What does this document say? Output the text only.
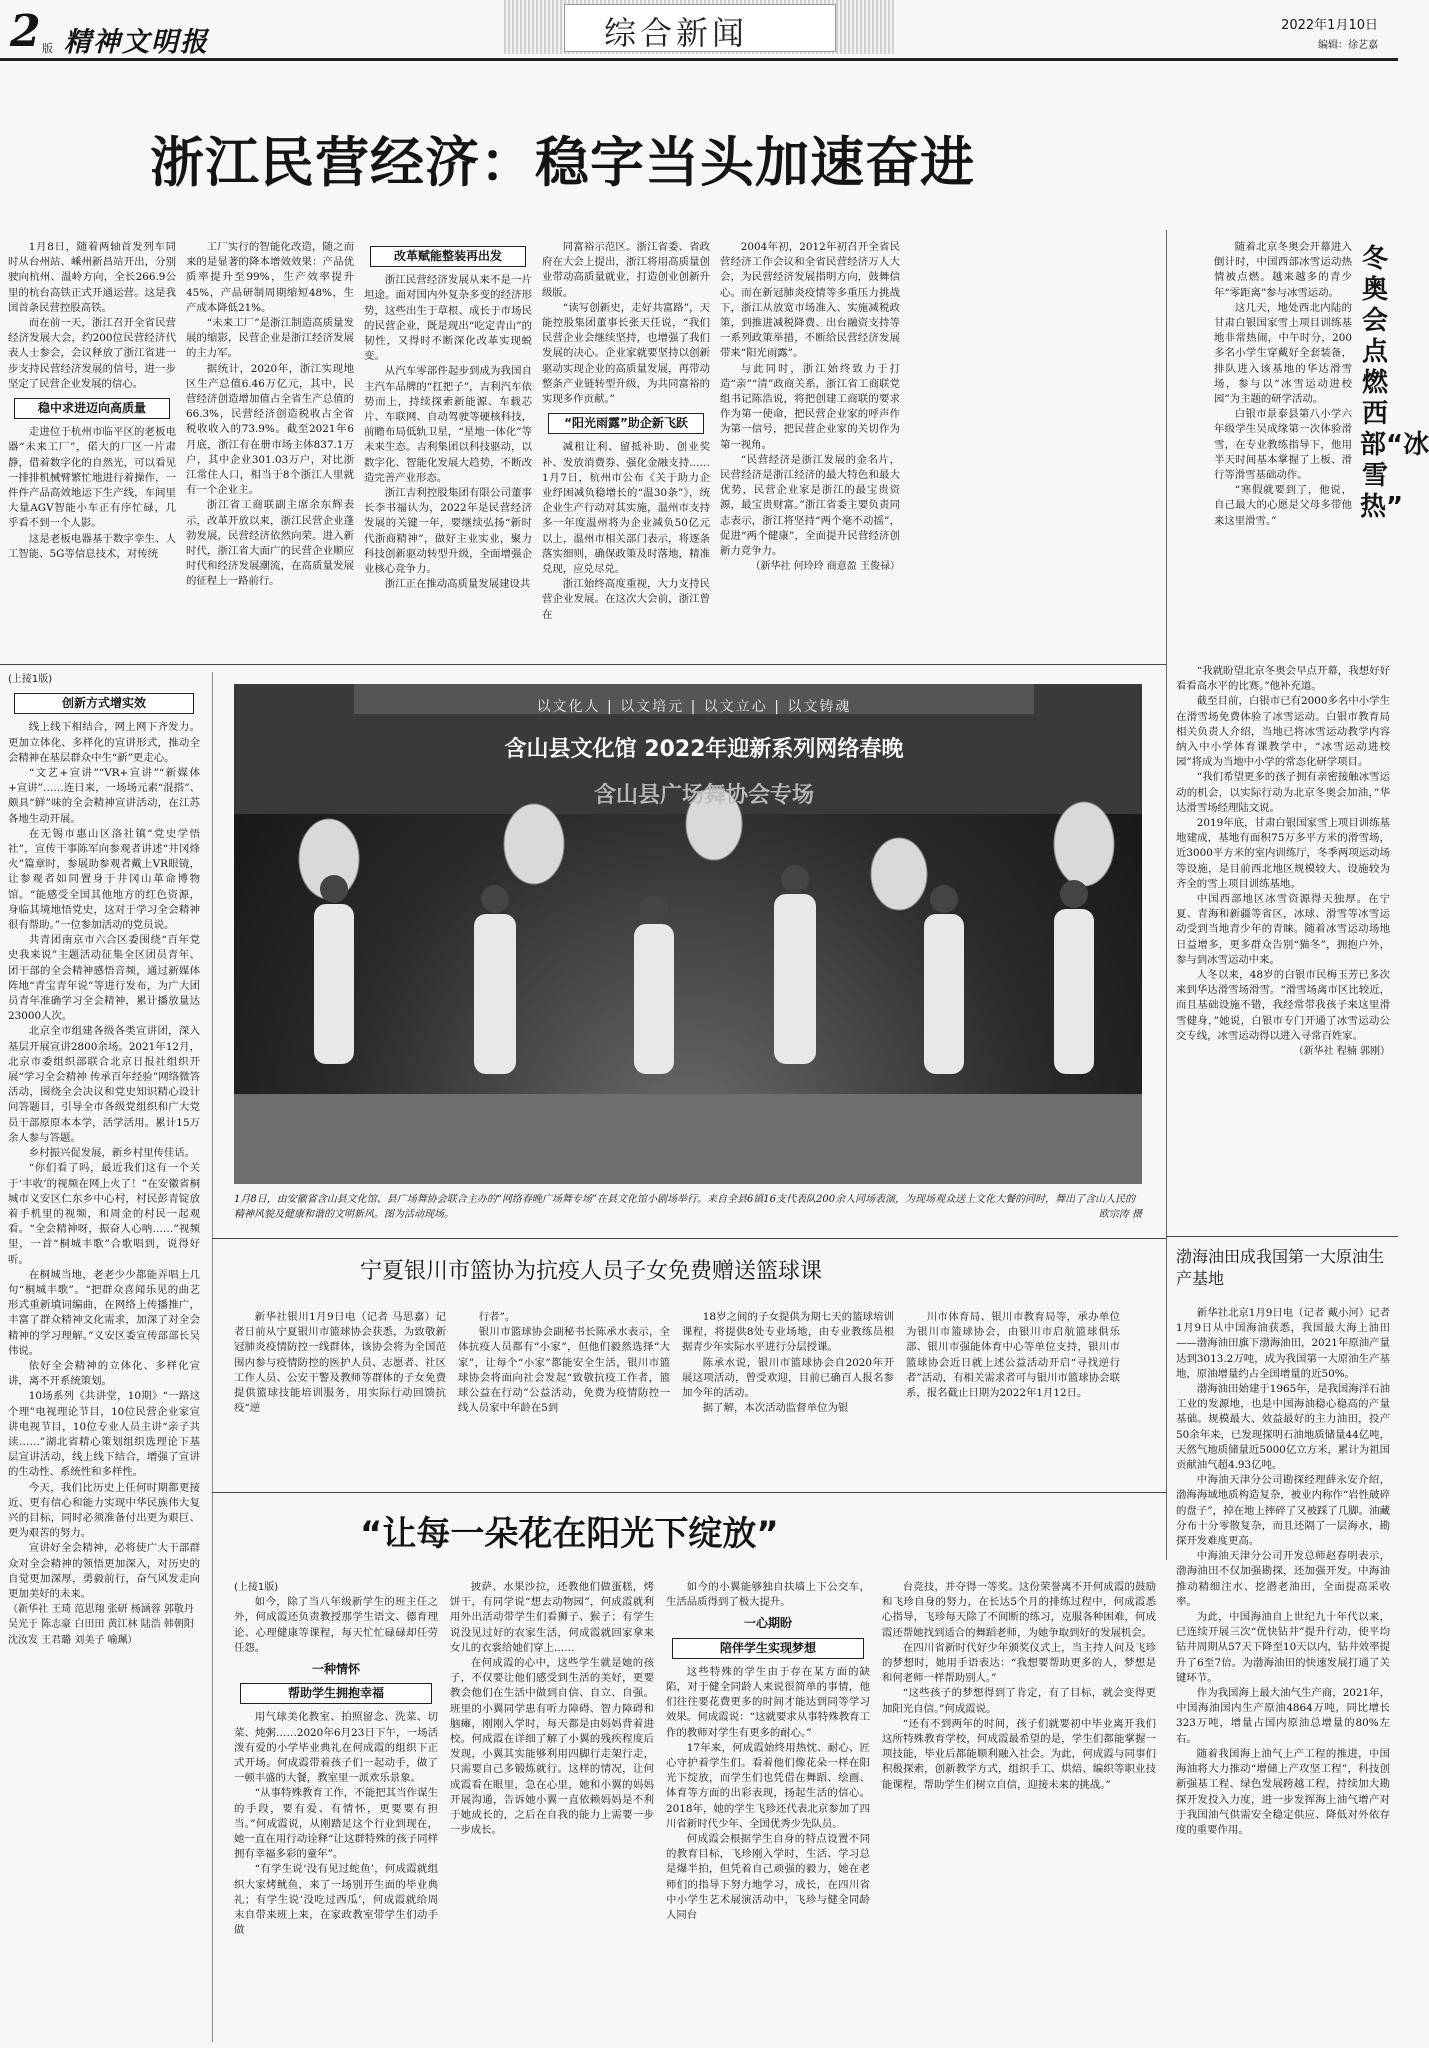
2 版 精神文明报	综合新闻	2022年1月10日
编辑：徐艺嘉
浙江民营经济：稳字当头加速奋进

1月8日，随着两轴首发列车同时从台州站、嵊州新昌站开出，分别驶向杭州、温岭方向，全长266.9公里的杭台高铁正式开通运营。这是我国首条民营控股高铁。

而在前一天，浙江召开全省民营经济发展大会，约200位民营经济代表人士参会，会议释放了浙江省进一步支持民营经济发展的信号，进一步坚定了民营企业发展的信心。

稳中求进迈向高质量

走进位于杭州市临平区的老板电器“未来工厂”，偌大的厂区一片肃静，借着数字化的自然光，可以看见一排排机械臂繁忙地进行着操作，一件件产品高效地运下生产线，车间里大量AGV智能小车正有序忙碌，几乎看不到一个人影。

这是老板电器基于数字孪生、人工智能、5G等信息技术，对传统

工厂实行的智能化改造，随之而来的是显著的降本增效效果：产品优质率提升至99%，生产效率提升45%，产品研制周期缩短48%，生产成本降低21%。

“未来工厂”是浙江制造高质量发展的缩影，民营企业是浙江经济发展的主力军。

据统计，2020年，浙江实现地区生产总值6.46万亿元，其中，民营经济创造增加值占全省生产总值的66.3%，民营经济创造税收占全省税收收入的73.9%。截至2021年6月底，浙江有在册市场主体837.1万户，其中企业301.03万户，对比浙江常住人口，相当于8个浙江人里就有一个企业主。

浙江省工商联副主席余东辉表示，改革开放以来，浙江民营企业蓬勃发展，民营经济依然向荣。进入新时代，浙江省大面广的民营企业顺应时代和经济发展潮流，在高质量发展的征程上一路前行。

改革赋能整装再出发

浙江民营经济发展从来不是一片坦途。面对国内外复杂多变的经济形势，这些出生于草根、成长于市场民的民营企业，既是现出“吃定青山”的韧性，又得时不断深化改革实现蜕变。

从汽车零部件起步到成为我国自主汽车品牌的“扛把子”，吉利汽车依势而上，持续探索新能源、车载芯片、车联网、自动驾驶等硬核科技，前瞻布局低轨卫星，“星地一体化”等未来生态。吉利集团以科技驱动，以数字化、智能化发展大趋势，不断改造完善产业形态。

浙江吉利控股集团有限公司董事长李书福认为，2022年是民营经济发展的关键一年，要继续弘扬“新时代浙商精神”，做好主业实业，聚力科技创新驱动转型升级，全面增强企业核心竞争力。

浙江正在推动高质量发展建设共

同富裕示范区。浙江省委、省政府在大会上提出，浙江将用高质量创业带动高质量就业，打造创业创新升级版。

“读写创新史，走好共富路”，天能控股集团董事长张天任说，“我们民营企业会继续坚持，也增强了我们发展的决心。企业家就要坚持以创新驱动实现企业的高质量发展，再带动整条产业链转型升级，为共同富裕的实现多作贡献。”

“阳光雨露”助企新飞跃

减租让利、留抵补助、创业奖补、发放消费券、强化金融支持……1月7日，杭州市公布《关于助力企业纾困减负稳增长的“温30条”》，统企业生产行动对其实施，温州市支持多一年度温州将为企业减负50亿元以上，温州市相关部门表示，将逐条落实细则，确保政策及时落地，精准兑现，应兑尽兑。

浙江始终高度重视，大力支持民营企业发展。在这次大会前，浙江曾在

2004年初，2012年初召开全省民营经济工作会议和全省民营经济万人大会，为民营经济发展指明方向，鼓舞信心。而在新冠肺炎疫情等多重压力挑战下，浙江从放宽市场准入、实施减税政策，到推进减税降费、出台融资支持等一系列政策举措，不断给民营经济发展带来“阳光雨露”。

与此同时，浙江始终致力于打造“亲”“清”政商关系，浙江省工商联党组书记陈浩说，将把创建工商联的要求作为第一使命，把民营企业家的呼声作为第一信号，把民营企业家的关切作为第一视角。

“民营经济是浙江发展的金名片，民营经济是浙江经济的最大特色和最大优势，民营企业家是浙江的最宝贵资源，最宝贵财富。”浙江省委主要负责同志表示，浙江将坚持“两个毫不动摇”，促进“两个健康”，全面提升民营经济创新力竞争力。

（新华社 何玲玲 商意盈 王俊禄）
冬奥会点燃西部“冰雪热”

随着北京冬奥会开幕进入倒计时，中国西部冰雪运动热情被点燃。越来越多的青少年“零距离”参与冰雪运动。

这几天，地处西北内陆的甘肃白银国家雪上项目训练基地非常热闹，中午时分，200多名小学生穿戴好全套装备，排队进入该基地的华达滑雪场，参与以“冰雪运动进校园”为主题的研学活动。

白银市景泰县第八小学六年级学生吴成缘第一次体验滑雪，在专业教练指导下，他用半天时间基本掌握了上板、滑行等滑雪基础动作。

“寒假就要到了，他说，自己最大的心愿是父母多带他来这里滑雪。”

“我就盼望北京冬奥会早点开幕，我想好好看看高水平的比赛。”他补充道。

截至目前，白银市已有2000多名中小学生在滑雪场免费体验了冰雪运动。白银市教育局相关负责人介绍，当地已将冰雪运动教学内容纳入中小学体育课教学中，“冰雪运动进校园”将成为当地中小学的常态化研学项目。

“我们希望更多的孩子拥有亲密接触冰雪运动的机会，以实际行动为北京冬奥会加油，”华达滑雪场经理陆文说。

2019年底，甘肃白银国家雪上项目训练基地建成，基地有面积75万多平方米的滑雪场，近3000平方米的室内训练厅，冬季两项运动场等设施，是目前西北地区规模较大、设施较为齐全的雪上项目训练基地。

中国西部地区冰雪资源得天独厚。在宁夏、青海和新疆等省区，冰球、滑雪等冰雪运动受到当地青少年的青睐。随着冰雪运动场地日益增多，更多群众告别“猫冬”，拥抱户外，参与到冰雪运动中来。

人冬以来，48岁的白银市民梅玉芳已多次来到华达滑雪场滑雪。“滑雪场离市区比较近，而且基础设施不错，我经常带我孩子来这里滑雪健身，”她说，白银市专门开通了冰雪运动公交专线，冰雪运动得以进入寻常百姓家。

（新华社 程楠 郭刚）
(上接1版)
创新方式增实效

线上线下相结合，网上网下齐发力。更加立体化、多样化的宣讲形式，推动全会精神在基层群众中生“新”更走心。

“文艺+宣讲”“VR+宣讲”“新媒体+宣讲”……连日来，一场场元素“混搭”、颇具“鲜”味的全会精神宣讲活动，在江苏各地生动开展。

在无锡市惠山区洛社镇“党史学悟社”，宣传干事陈军向参观者讲述“井冈烽火”篇章时，参展助参观者戴上VR眼镜，让参观者如同置身于井冈山革命博物馆。“能感受全国其他地方的红色资源，身临其境地悟党史，这对于学习全会精神很有帮助。”一位参加活动的党员说。

共青团南京市六合区委围绕“百年党史我来说”主题活动征集全区团员青年、团干部的全会精神感悟音频，通过新媒体阵地“青宝青年说”等进行发布，为广大团员青年准确学习全会精神，累计播放量达23000人次。

北京全市组建各级各类宣讲团，深入基层开展宣讲2800余场。2021年12月，北京市委组织部联合北京日报社组织开展“学习全会精神 传承百年经验”网络微答活动，围绕全会决议和党史知识精心设计问答题目，引导全市各级党组织和广大党员干部原原本本学，活学活用。累计15万余人参与答题。

乡村振兴促发展，新乡村里传佳话。

“你们看了吗，最近我们这有一个关于‘丰收’的视频在网上火了！”在安徽省桐城市义安区仁东乡中心村，村民彭青锭放着手机里的视频，和周金的村民一起观看。“全会精神呀，振奋人心呐……”视频里，一首“桐城丰歌”合歌唱到，说得好听。

在桐城当地，老老少少都能弄唱上几句“桐城丰歌”。“把群众喜闻乐见的曲艺形式重新填词编曲，在网络上传播推广，丰富了群众精神文化需求，加深了对全会精神的学习理解。”义安区委宣传部部长吴伟说。

依好全会精神的立体化、多样化宣讲，离不开系统策划。

10场系列《共讲堂，10期》“一路这个理”电视理论节目，10位民营企业家宣讲电视节目，10位专业人员主讲“亲子共读……”湖北省精心策划组织选理论下基层宣讲活动，线上线下结合，增强了宣讲的生动性、系统性和多样性。

今天，我们比历史上任何时期都更接近、更有信心和能力实现中华民族伟大复兴的目标，同时必须准备付出更为艰巨、更为艰苦的努力。

宣讲好全会精神，必将使广大干部群众对全会精神的领悟更加深入，对历史的自觉更加深厚，勇毅前行，奋气风发走向更加美好的未来。

（新华社 王琦 范思翔 张研 杨涵蓉 郭敬丹 吴光于 陈志豪 白田田 黄江林 陆浩 韩朝阳 沈汝发 王君璐 刘美子 喻珮）
以文化人 | 以文培元 | 以文立心 | 以文铸魂
含山县文化馆 2022年迎新系列网络春晚
含山县广场舞协会专场
1月8日，由安徽省含山县文化馆、县广场舞协会联合主办的“网络春晚广场舞专场”在县文化馆小剧场举行。来自全县6镇16支代表队200余人同场表演，为现场观众送上文化大餐的同时，舞出了含山人民的精神风貌及健康和谐的文明新风。图为活动现场。	欧宗涛 摄
宁夏银川市篮协为抗疫人员子女免费赠送篮球课

新华社银川1月9日电（记者 马思嘉）记者日前从宁夏银川市篮球协会获悉，为致敬新冠肺炎疫情防控一线群体，该协会将为全国范围内参与疫情防控的医护人员、志愿者、社区工作人员、公安干警及教师等群体的子女免费提供篮球技能培训服务，用实际行动回馈抗疫“逆

行者”。

银川市篮球协会副秘书长陈承水表示，全体抗疫人员都有“小家”，但他们毅然选择“大家”，让每个“小家”都能安全生活，银川市篮球协会将面向社会发起“致敬抗疫工作者，篮球公益在行动”公益活动，免费为疫情防控一线人员家中年龄在5到

18岁之间的子女提供为期七天的篮球培训课程，将提供8处专业场地，由专业教练员根据青少年实际水平进行分层授课。

陈承水说，银川市篮球协会自2020年开展这项活动，曾受欢迎，目前已确百人报名参加今年的活动。

据了解，本次活动监督单位为银

川市体育局、银川市教育局等，承办单位为银川市篮球协会，由银川市启航篮球俱乐部、银川市强能体育中心等单位支持，银川市篮球协会近日就上述公益活动开启“寻找逆行者”活动，有相关需求者可与银川市篮球协会联系，报名截止日期为2022年1月12日。

渤海油田成我国第一大原油生产基地

新华社北京1月9日电（记者 戴小河）记者1月9日从中国海油获悉，我国最大海上油田——渤海油田旗下渤海油田，2021年原油产量达到3013.2万吨，成为我国第一大原油生产基地，原油增量约占全国增量的近50%。

渤海油田始建于1965年，是我国海洋石油工业的发源地，也是中国海油稳心稳高的产量基础。规模最大、效益最好的主力油田，投产50余年来，已发现探明石油地质储量44亿吨，天然气地质储量近5000亿立方米，累计为祖国贡献油气超4.93亿吨。

中海油天津分公司勘探经理薛永安介绍，渤海海域地质构造复杂，被业内称作“岩性破碎的盘子”，掉在地上摔碎了又被踩了几脚。油藏分布十分零散复杂，而且还隔了一层海水，勘探开发难度更高。

中海油天津分公司开发总师赵春明表示，渤海油田不仅加强勘探，还加强开发。中海油推动精细注水、挖潜老油田，全面提高采收率。

为此，中国海油自上世纪九十年代以来，已连续开展三次“优快钻井”提升行动，使平均钻井周期从57天下降至10天以内，钻井效率提升了6至7倍。为渤海油田的快速发展打通了关键环节。

作为我国海上最大油气生产商，2021年，中国海油国内生产原油4864万吨，同比增长323万吨，增量占国内原油总增量的80%左右。

随着我国海上油气上产工程的推进，中国海油将大力推动“增储上产攻坚工程”，科技创新强基工程、绿色发展跨越工程，持续加大勘探开发投入力度，进一步发挥海上油气增产对于我国油气供需安全稳定供应、降低对外依存度的重要作用。

“让每一朵花在阳光下绽放”
(上接1版)

如今，除了当八年级新学生的班主任之外，何成霞还负责教授那学生语文、德育理论、心理健康等课程，每天忙忙碌碌却任劳任怨。

一种情怀
帮助学生拥抱幸福

用气球美化教室、拍照留念、洗菜、切菜、炖粥……2020年6月23日下午，一场活泼有爱的小学毕业典礼在何成霞的组织下正式开场。何成霞带着孩子们一起动手，做了一顿丰盛的大餐，教室里一派欢乐景象。

“从事特殊教育工作，不能把其当作谋生的手段，要有爱、有情怀，更要要有担当。”何成霞说，从刚踏足这个行业到现在，她一直在用行动诠释“让这群特殊的孩子同样拥有幸福多彩的童年”。

“有学生说‘没有见过蛇鱼’，何成霞就组织大家烤鱿鱼，来了一场别开生面的毕业典礼；有学生说‘没吃过西瓜’，何成霞就给周末自带来班上来，在家政教室带学生们动手做

披萨、水果沙拉，还教他们做蛋糕，烤饼干，有同学说“想去动物园”，何成霞就利用外出活动带学生们看狮子、猴子；有学生说没见过好的农家生活，何成霞就回家拿来女儿的衣裳给她们穿上……

在何成霞的心中，这些学生就是她的孩子，不仅要让他们感受到生活的美好，更要教会他们在生活中做到自信、自立、自强。班里的小翼同学患有听力障碍、智力障碍和脑瘫，刚刚入学时，每天都是由妈妈背着进校。何成霞在详细了解了小翼的残疾程度后发现，小翼其实能够利用四脚行走架行走，只需要自己多锻炼就行。这样的情况，让何成霞看在眼里，急在心里，她和小翼的妈妈开展沟通，告诉她小翼一直依赖妈妈是不利于她成长的，之后在自我的能力上需要一步一步成长。

如今的小翼能够独自扶墙上下公交车，生活品质得到了极大提升。

一心期盼
陪伴学生实现梦想

这些特殊的学生由于存在某方面的缺陷，对于健全同龄人来说很简单的事情，他们往往要花费更多的时间才能达到同等学习效果。何成霞说：“这就要求从事特殊教育工作的教师对学生有更多的耐心。”

17年来，何成霞始终用热忱、耐心、匠心守护着学生们。看着他们像花朵一样在阳光下绽放，而学生们也凭借在舞蹈、绘画、体育等方面的出彩表现，扬起生活的信心。2018年，她的学生飞珍还代表北京参加了四川省新时代少年、全国优秀少先队员。

何成霞会根据学生自身的特点设置不同的教育目标，飞珍刚入学时，生活、学习总是爆半拍，但凭着自己顽强的毅力，她在老师们的指导下努力地学习，成长，在四川省中小学生艺术展演活动中，飞珍与健全同龄人同台

台竞技，并夺得一等奖。这份荣誉离不开何成霞的鼓励和飞珍自身的努力，在长达5个月的排练过程中，何成霞悉心指导，飞珍每天除了不间断的练习，克服各种困难，何成霞还帮她找到适合的舞蹈老师，为她争取到好的发展机会。

在四川省新时代好少年颁奖仪式上，当主持人问及飞珍的梦想时，她用手语表达：“我想要帮助更多的人，梦想是和何老师一样帮助别人。”

“这些孩子的梦想得到了肯定，有了目标，就会变得更加阳光自信。”何成霞说。

“还有不到两年的时间，孩子们就要初中毕业离开我们这所特殊教育学校，何成霞最希望的是，学生们都能掌握一项技能，毕业后都能顺利融入社会。为此，何成霞与同事们积极探索，创新教学方式，组织手工、烘焙、编织等职业技能课程，帮助学生们树立自信，迎接未来的挑战。”
